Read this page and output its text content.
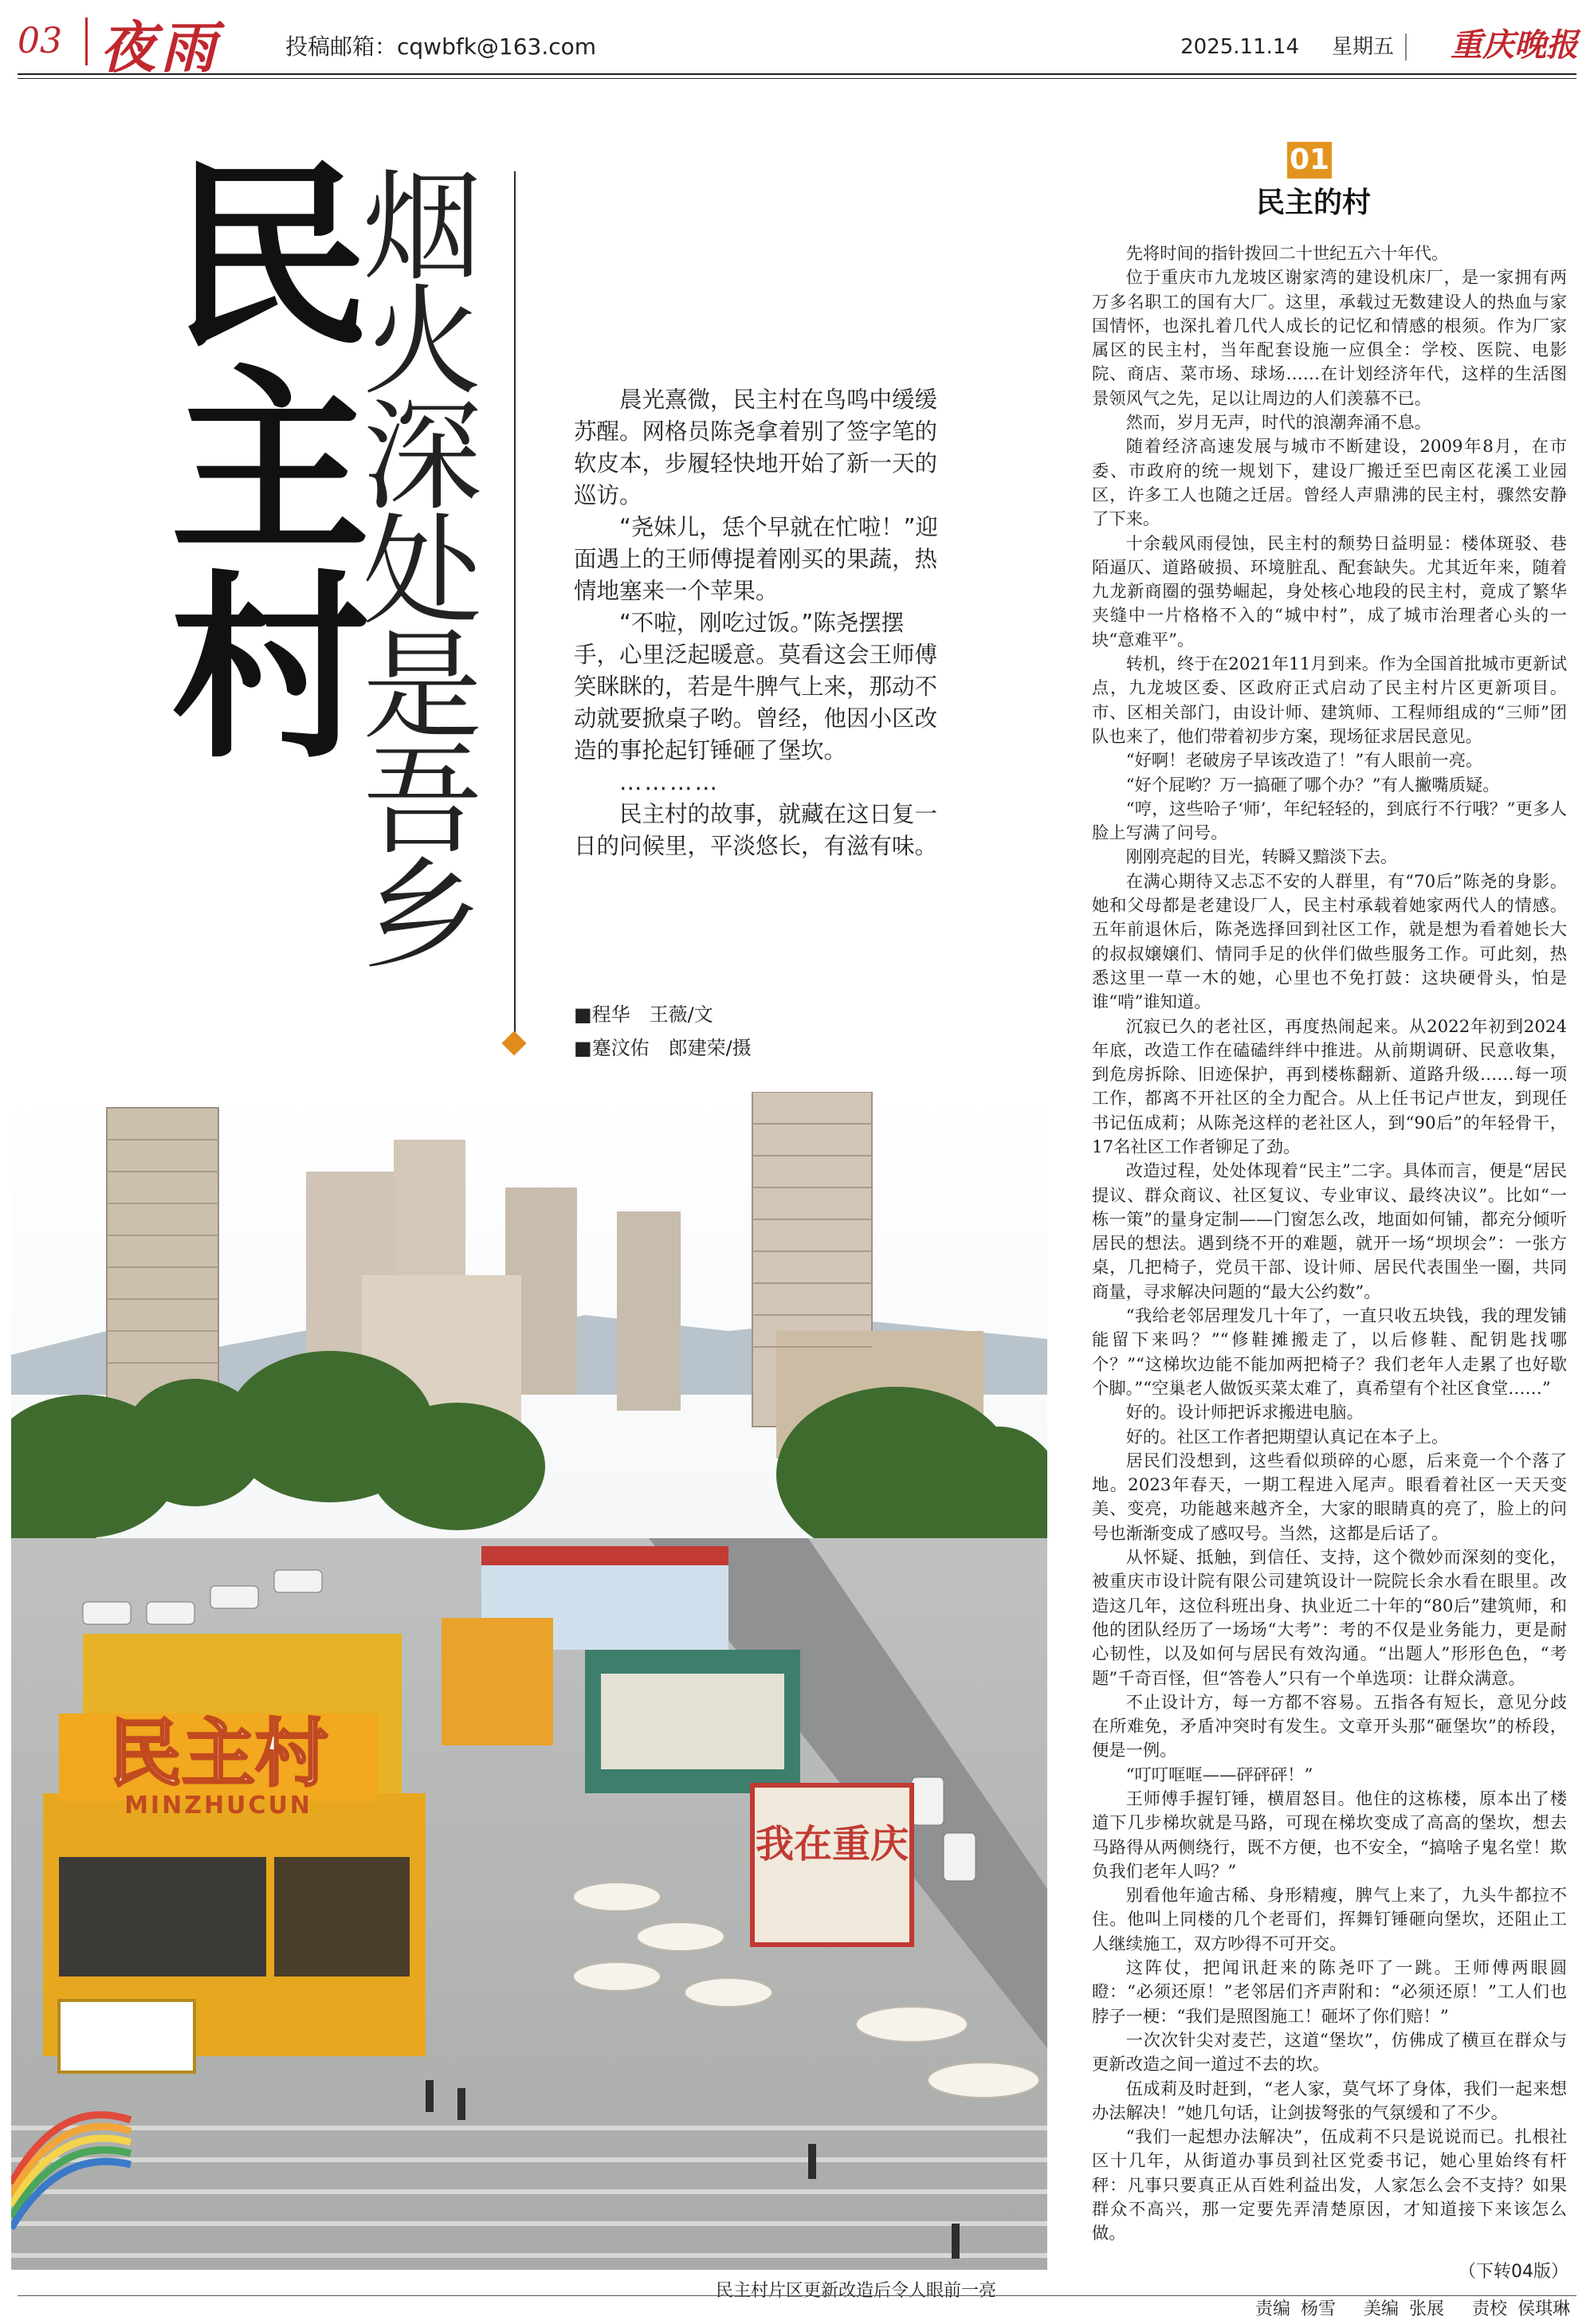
03 夜雨	投稿邮箱：cqwbfk@163.com	2025.11.14 星期五	重庆晚报
民主村
烟火深处是吾乡	晨光熹微，民主村在鸟鸣中缓缓苏醒。网格员陈尧拿着别了签字笔的软皮本，步履轻快地开始了新一天的巡访。

“尧妹儿，恁个早就在忙啦！”迎面遇上的王师傅提着刚买的果蔬，热情地塞来一个苹果。

“不啦，刚吃过饭。”陈尧摆摆手，心里泛起暖意。莫看这会王师傅笑眯眯的，若是牛脾气上来，那动不动就要掀桌子哟。曾经，他因小区改造的事抡起钉锤砸了堡坎。

…………

民主村的故事，就藏在这日复一日的问候里，平淡悠长，有滋有味。

■程华　王薇/文
■蹇汶佑　郎建荣/摄
01
民主的村

先将时间的指针拨回二十世纪五六十年代。

位于重庆市九龙坡区谢家湾的建设机床厂，是一家拥有两万多名职工的国有大厂。这里，承载过无数建设人的热血与家国情怀，也深扎着几代人成长的记忆和情感的根须。作为厂家属区的民主村，当年配套设施一应俱全：学校、医院、电影院、商店、菜市场、球场……在计划经济年代，这样的生活图景领风气之先，足以让周边的人们羡慕不已。

然而，岁月无声，时代的浪潮奔涌不息。

随着经济高速发展与城市不断建设，2009年8月，在市委、市政府的统一规划下，建设厂搬迁至巴南区花溪工业园区，许多工人也随之迁居。曾经人声鼎沸的民主村，骤然安静了下来。

十余载风雨侵蚀，民主村的颓势日益明显：楼体斑驳、巷陌逼仄、道路破损、环境脏乱、配套缺失。尤其近年来，随着九龙新商圈的强势崛起，身处核心地段的民主村，竟成了繁华夹缝中一片格格不入的“城中村”，成了城市治理者心头的一块“意难平”。

转机，终于在2021年11月到来。作为全国首批城市更新试点，九龙坡区委、区政府正式启动了民主村片区更新项目。市、区相关部门，由设计师、建筑师、工程师组成的“三师”团队也来了，他们带着初步方案，现场征求居民意见。

“好啊！老破房子早该改造了！”有人眼前一亮。

“好个屁哟？万一搞砸了哪个办？”有人撇嘴质疑。

“哼，这些哈子‘师’，年纪轻轻的，到底行不行哦？”更多人脸上写满了问号。

刚刚亮起的目光，转瞬又黯淡下去。

在满心期待又忐忑不安的人群里，有“70后”陈尧的身影。她和父母都是老建设厂人，民主村承载着她家两代人的情感。五年前退休后，陈尧选择回到社区工作，就是想为看着她长大的叔叔嬢嬢们、情同手足的伙伴们做些服务工作。可此刻，热悉这里一草一木的她，心里也不免打鼓：这块硬骨头，怕是谁“啃”谁知道。

沉寂已久的老社区，再度热闹起来。从2022年初到2024年底，改造工作在磕磕绊绊中推进。从前期调研、民意收集，到危房拆除、旧迹保护，再到楼栋翻新、道路升级……每一项工作，都离不开社区的全力配合。从上任书记卢世友，到现任书记伍成莉；从陈尧这样的老社区人，到“90后”的年轻骨干，17名社区工作者铆足了劲。

改造过程，处处体现着“民主”二字。具体而言，便是“居民提议、群众商议、社区复议、专业审议、最终决议”。比如“一栋一策”的量身定制——门窗怎么改，地面如何铺，都充分倾听居民的想法。遇到绕不开的难题，就开一场“坝坝会”：一张方桌，几把椅子，党员干部、设计师、居民代表围坐一圈，共同商量，寻求解决问题的“最大公约数”。

“我给老邻居理发几十年了，一直只收五块钱，我的理发铺能留下来吗？”“修鞋摊搬走了，以后修鞋、配钥匙找哪个？”“这梯坎边能不能加两把椅子？我们老年人走累了也好歇个脚。”“空巢老人做饭买菜太难了，真希望有个社区食堂……”

好的。设计师把诉求搬进电脑。

好的。社区工作者把期望认真记在本子上。

居民们没想到，这些看似琐碎的心愿，后来竟一个个落了地。2023年春天，一期工程进入尾声。眼看着社区一天天变美、变亮，功能越来越齐全，大家的眼睛真的亮了，脸上的问号也渐渐变成了感叹号。当然，这都是后话了。

从怀疑、抵触，到信任、支持，这个微妙而深刻的变化，被重庆市设计院有限公司建筑设计一院院长余水看在眼里。改造这几年，这位科班出身、执业近二十年的“80后”建筑师，和他的团队经历了一场场“大考”：考的不仅是业务能力，更是耐心韧性，以及如何与居民有效沟通。“出题人”形形色色，“考题”千奇百怪，但“答卷人”只有一个单选项：让群众满意。

不止设计方，每一方都不容易。五指各有短长，意见分歧在所难免，矛盾冲突时有发生。文章开头那“砸堡坎”的桥段，便是一例。

“叮叮哐哐——砰砰砰！”

王师傅手握钉锤，横眉怒目。他住的这栋楼，原本出了楼道下几步梯坎就是马路，可现在梯坎变成了高高的堡坎，想去马路得从两侧绕行，既不方便，也不安全，“搞啥子鬼名堂！欺负我们老年人吗？”

别看他年逾古稀、身形精瘦，脾气上来了，九头牛都拉不住。他叫上同楼的几个老哥们，挥舞钉锤砸向堡坎，还阻止工人继续施工，双方吵得不可开交。

这阵仗，把闻讯赶来的陈尧吓了一跳。王师傅两眼圆瞪：“必须还原！”老邻居们齐声附和：“必须还原！”工人们也脖子一梗：“我们是照图施工！砸坏了你们赔！”

一次次针尖对麦芒，这道“堡坎”，仿佛成了横亘在群众与更新改造之间一道过不去的坎。

伍成莉及时赶到，“老人家，莫气坏了身体，我们一起来想办法解决！”她几句话，让剑拔弩张的气氛缓和了不少。

“我们一起想办法解决”，伍成莉不只是说说而已。扎根社区十几年，从街道办事员到社区党委书记，她心里始终有杆秤：凡事只要真正从百姓利益出发，人家怎么会不支持？如果群众不高兴，那一定要先弄清楚原因，才知道接下来该怎么做。

（下转04版）
民主村
MINZHUCUN
我在重庆
民主村片区更新改造后令人眼前一亮
责编 杨雪 美编 张展 责校 侯琪琳
